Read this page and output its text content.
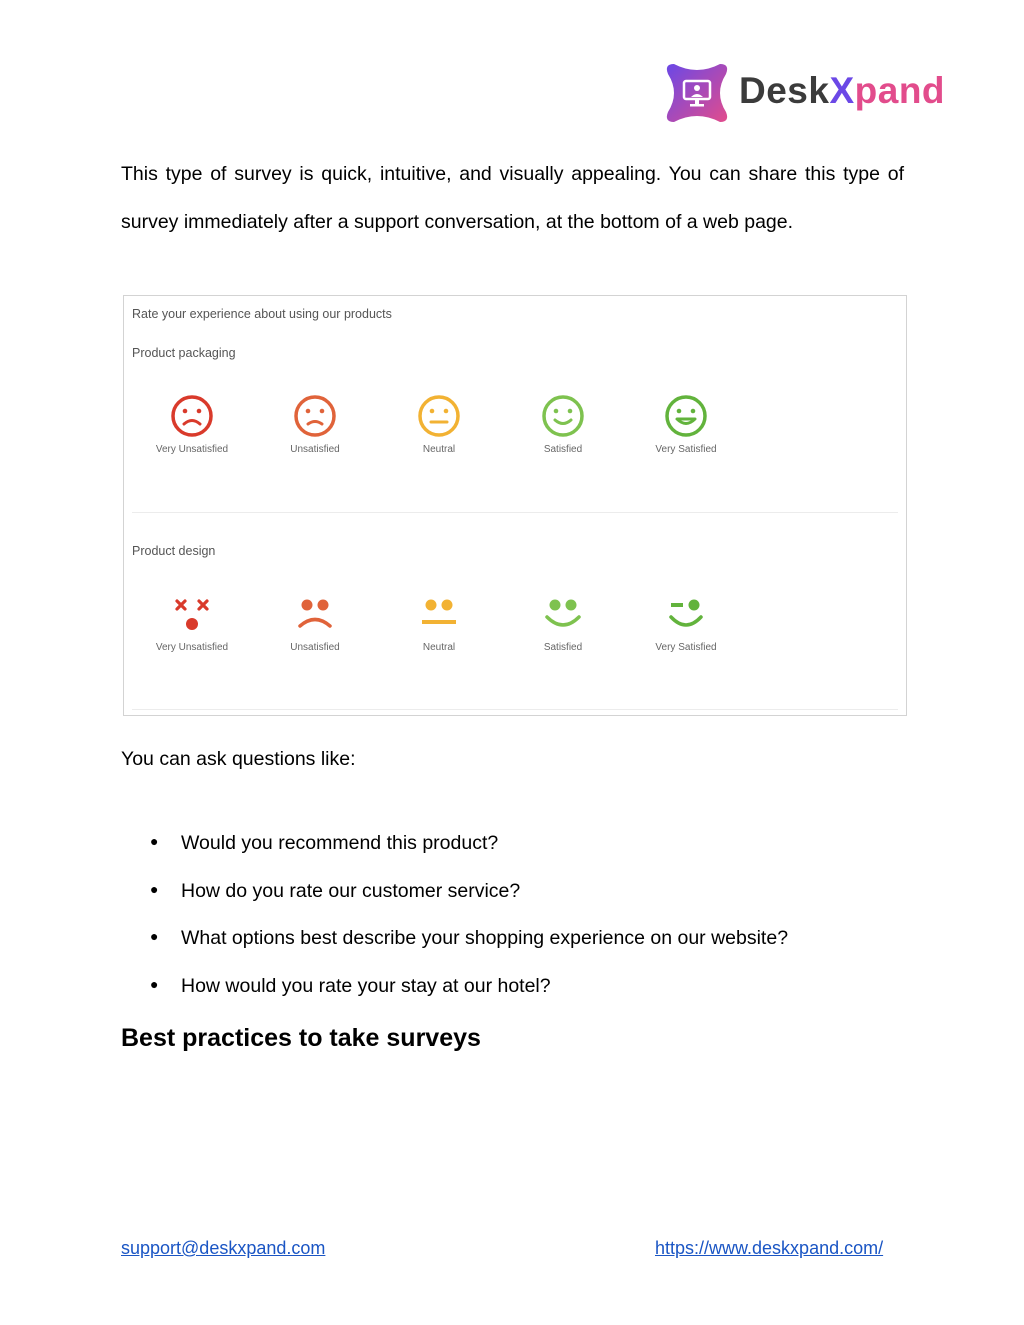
DeskXpand
This type of survey is quick, intuitive, and visually appealing. You can share this type of survey immediately after a support conversation, at the bottom of a web page.
Rate your experience about using our products
Product packaging
Very Unsatisfied	Unsatisfied	Neutral	Satisfied	Very Satisfied
Product design
Very Unsatisfied	Unsatisfied	Neutral	Satisfied	Very Satisfied
You can ask questions like:
● Would you recommend this product?
● How do you rate our customer service?
● What options best describe your shopping experience on our website?
● How would you rate your stay at our hotel?
Best practices to take surveys
support@deskxpand.com	https://www.deskxpand.com/
